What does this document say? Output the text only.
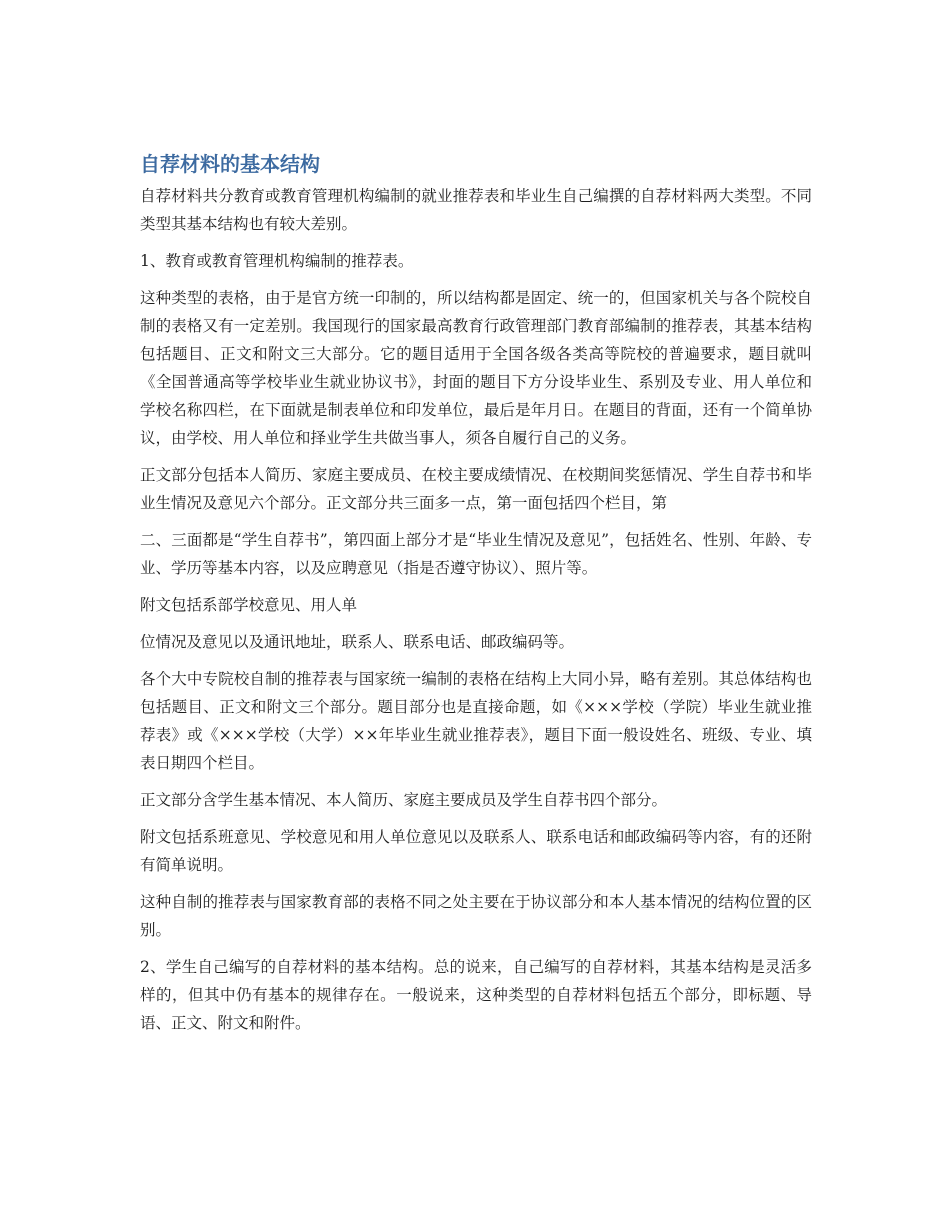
自荐材料的基本结构

自荐材料共分教育或教育管理机构编制的就业推荐表和毕业生自己编撰的自荐材料两大类型。不同类型其基本结构也有较大差别。

1、教育或教育管理机构编制的推荐表。

这种类型的表格，由于是官方统一印制的，所以结构都是固定、统一的，但国家机关与各个院校自制的表格又有一定差别。我国现行的国家最高教育行政管理部门教育部编制的推荐表，其基本结构包括题目、正文和附文三大部分。它的题目适用于全国各级各类高等院校的普遍要求，题目就叫《全国普通高等学校毕业生就业协议书》，封面的题目下方分设毕业生、系别及专业、用人单位和学校名称四栏，在下面就是制表单位和印发单位，最后是年月日。在题目的背面，还有一个简单协议，由学校、用人单位和择业学生共做当事人，须各自履行自己的义务。

正文部分包括本人简历、家庭主要成员、在校主要成绩情况、在校期间奖惩情况、学生自荐书和毕业生情况及意见六个部分。正文部分共三面多一点，第一面包括四个栏目，第

二、三面都是“学生自荐书”，第四面上部分才是“毕业生情况及意见”，包括姓名、性别、年龄、专业、学历等基本内容，以及应聘意见（指是否遵守协议）、照片等。

附文包括系部学校意见、用人单

位情况及意见以及通讯地址，联系人、联系电话、邮政编码等。

各个大中专院校自制的推荐表与国家统一编制的表格在结构上大同小异，略有差别。其总体结构也包括题目、正文和附文三个部分。题目部分也是直接命题，如《×××学校（学院）毕业生就业推荐表》或《×××学校（大学）××年毕业生就业推荐表》，题目下面一般设姓名、班级、专业、填表日期四个栏目。

正文部分含学生基本情况、本人简历、家庭主要成员及学生自荐书四个部分。

附文包括系班意见、学校意见和用人单位意见以及联系人、联系电话和邮政编码等内容，有的还附有简单说明。

这种自制的推荐表与国家教育部的表格不同之处主要在于协议部分和本人基本情况的结构位置的区别。

2、学生自己编写的自荐材料的基本结构。总的说来，自己编写的自荐材料，其基本结构是灵活多样的，但其中仍有基本的规律存在。一般说来，这种类型的自荐材料包括五个部分，即标题、导语、正文、附文和附件。
